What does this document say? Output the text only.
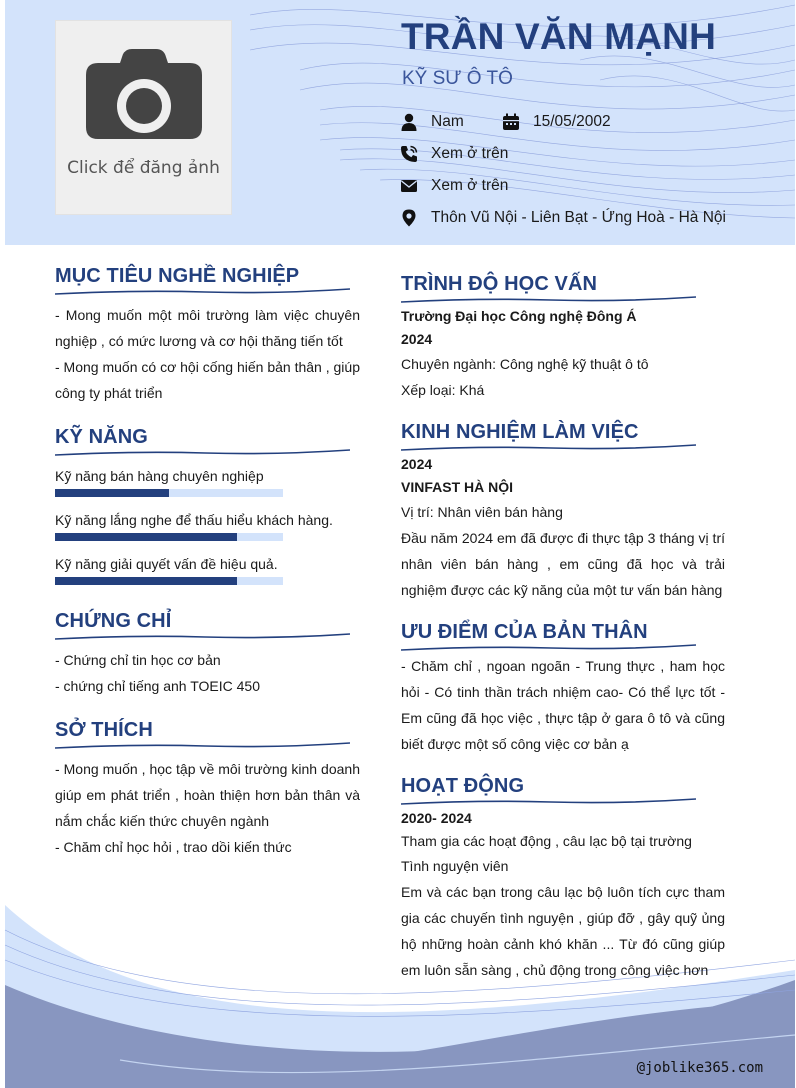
Click để đăng ảnh
TRẦN VĂN MẠNH
KỸ SƯ Ô TÔ
Nam	15/05/2002
Xem ở trên
Xem ở trên
Thôn Vũ Nội - Liên Bạt - Ứng Hoà - Hà Nội
MỤC TIÊU NGHỀ NGHIỆP
- Mong muốn một môi trường làm việc chuyên nghiệp , có mức lương và cơ hội thăng tiến tốt
- Mong muốn có cơ hội cống hiến bản thân , giúp công ty phát triển
KỸ NĂNG
Kỹ năng bán hàng chuyên nghiệp
Kỹ năng lắng nghe để thấu hiểu khách hàng.
Kỹ năng giải quyết vấn đề hiệu quả.
CHỨNG CHỈ
- Chứng chỉ tin học cơ bản
- chứng chỉ tiếng anh TOEIC 450
SỞ THÍCH
- Mong muốn , học tập về môi trường kinh doanh giúp em phát triển , hoàn thiện hơn bản thân và nắm chắc kiến thức chuyên ngành
- Chăm chỉ học hỏi , trao dồi kiến thức
TRÌNH ĐỘ HỌC VẤN
Trường Đại học Công nghệ Đông Á
2024
Chuyên ngành: Công nghệ kỹ thuật ô tô
Xếp loại: Khá
KINH NGHIỆM LÀM VIỆC
2024
VINFAST HÀ NỘI
Vị trí: Nhân viên bán hàng
Đầu năm 2024 em đã được đi thực tập 3 tháng vị trí nhân viên bán hàng , em cũng đã học và trải nghiệm được các kỹ năng của một tư vấn bán hàng
ƯU ĐIỂM CỦA BẢN THÂN
- Chăm chỉ , ngoan ngoãn - Trung thực , ham học hỏi - Có tinh thần trách nhiệm cao- Có thể lực tốt - Em cũng đã học việc , thực tập ở gara ô tô và cũng biết được một số công việc cơ bản ạ
HOẠT ĐỘNG
2020- 2024
Tham gia các hoạt động , câu lạc bộ tại trường
Tình nguyện viên
Em và các bạn trong câu lạc bộ luôn tích cực tham gia các chuyến tình nguyện , giúp đỡ , gây quỹ ủng hộ những hoàn cảnh khó khăn ... Từ đó cũng giúp em luôn sẵn sàng , chủ động trong công việc hơn
@joblike365.com
